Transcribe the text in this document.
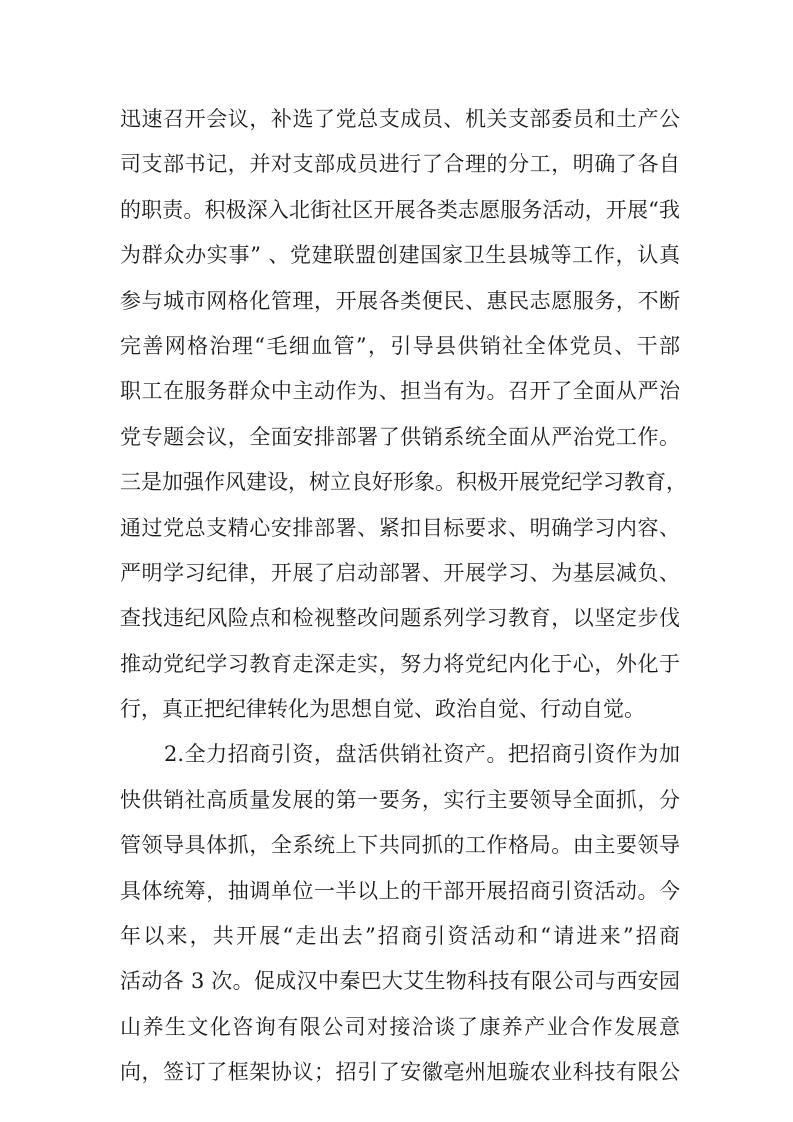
迅速召开会议，补选了党总支成员、机关支部委员和土产公
司支部书记，并对支部成员进行了合理的分工，明确了各自
的职责。积极深入北街社区开展各类志愿服务活动，开展“我
为群众办实事” 、党建联盟创建国家卫生县城等工作，认真
参与城市网格化管理，开展各类便民、惠民志愿服务，不断
完善网格治理“毛细血管”，引导县供销社全体党员、干部
职工在服务群众中主动作为、担当有为。召开了全面从严治
党专题会议，全面安排部署了供销系统全面从严治党工作。
三是加强作风建设，树立良好形象。积极开展党纪学习教育，
通过党总支精心安排部署、紧扣目标要求、明确学习内容、
严明学习纪律，开展了启动部署、开展学习、为基层减负、
查找违纪风险点和检视整改问题系列学习教育，以坚定步伐
推动党纪学习教育走深走实，努力将党纪内化于心，外化于
行，真正把纪律转化为思想自觉、政治自觉、行动自觉。
2.全力招商引资，盘活供销社资产。把招商引资作为加
快供销社高质量发展的第一要务，实行主要领导全面抓，分
管领导具体抓，全系统上下共同抓的工作格局。由主要领导
具体统筹，抽调单位一半以上的干部开展招商引资活动。今
年以来，共开展“走出去”招商引资活动和“请进来”招商
活动各 3 次。促成汉中秦巴大艾生物科技有限公司与西安园
山养生文化咨询有限公司对接洽谈了康养产业合作发展意
向，签订了框架协议；招引了安徽亳州旭璇农业科技有限公
